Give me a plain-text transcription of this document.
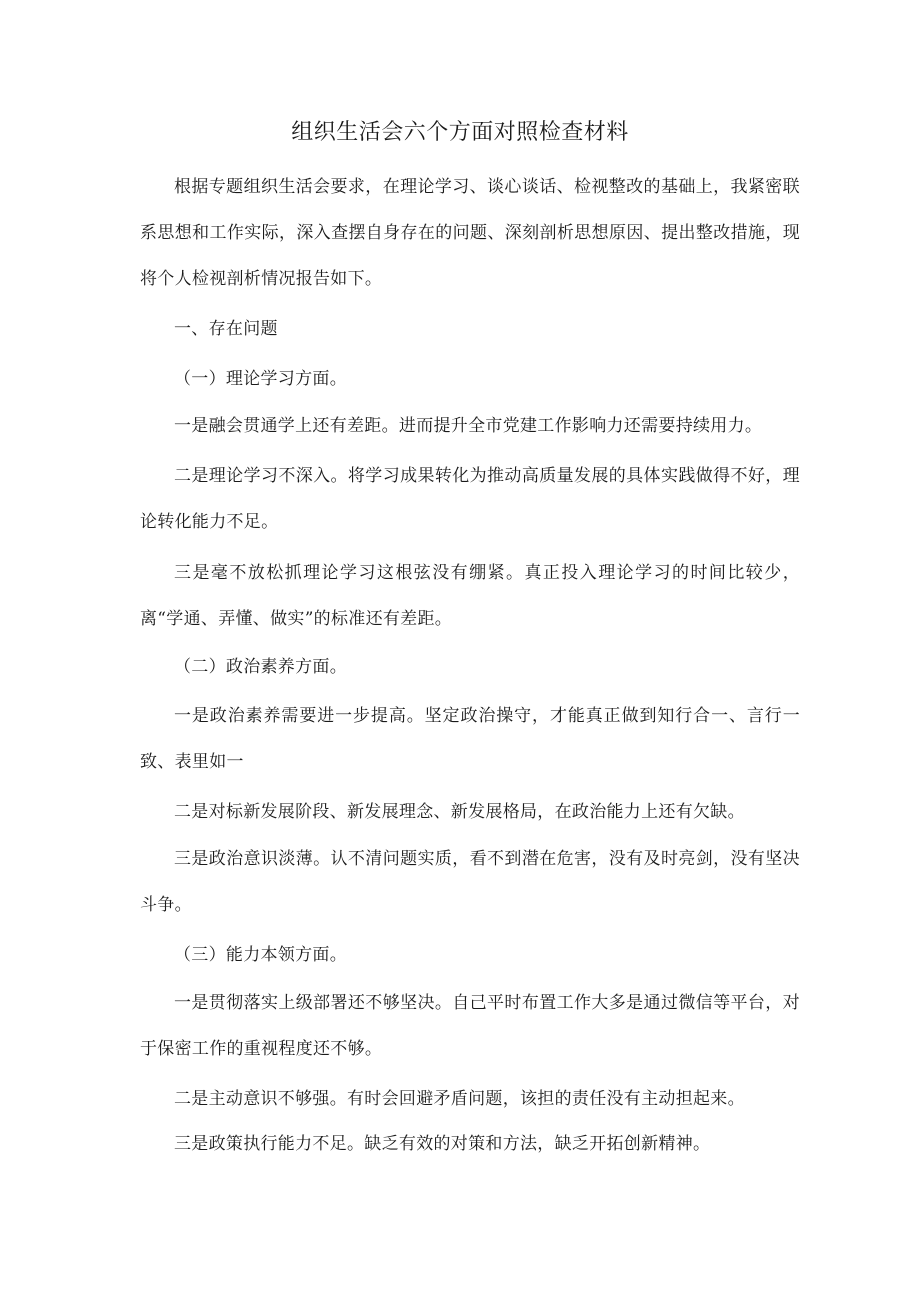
组织生活会六个方面对照检查材料

根据专题组织生活会要求，在理论学习、谈心谈话、检视整改的基础上，我紧密联系思想和工作实际，深入查摆自身存在的问题、深刻剖析思想原因、提出整改措施，现将个人检视剖析情况报告如下。

一、存在问题
（一）理论学习方面。

一是融会贯通学上还有差距。进而提升全市党建工作影响力还需要持续用力。

二是理论学习不深入。将学习成果转化为推动高质量发展的具体实践做得不好，理论转化能力不足。

三是毫不放松抓理论学习这根弦没有绷紧。真正投入理论学习的时间比较少，离“学通、弄懂、做实”的标准还有差距。

（二）政治素养方面。

一是政治素养需要进一步提高。坚定政治操守，才能真正做到知行合一、言行一致、表里如一

二是对标新发展阶段、新发展理念、新发展格局，在政治能力上还有欠缺。

三是政治意识淡薄。认不清问题实质，看不到潜在危害，没有及时亮剑，没有坚决斗争。

（三）能力本领方面。

一是贯彻落实上级部署还不够坚决。自己平时布置工作大多是通过微信等平台，对于保密工作的重视程度还不够。

二是主动意识不够强。有时会回避矛盾问题，该担的责任没有主动担起来。

三是政策执行能力不足。缺乏有效的对策和方法，缺乏开拓创新精神。
